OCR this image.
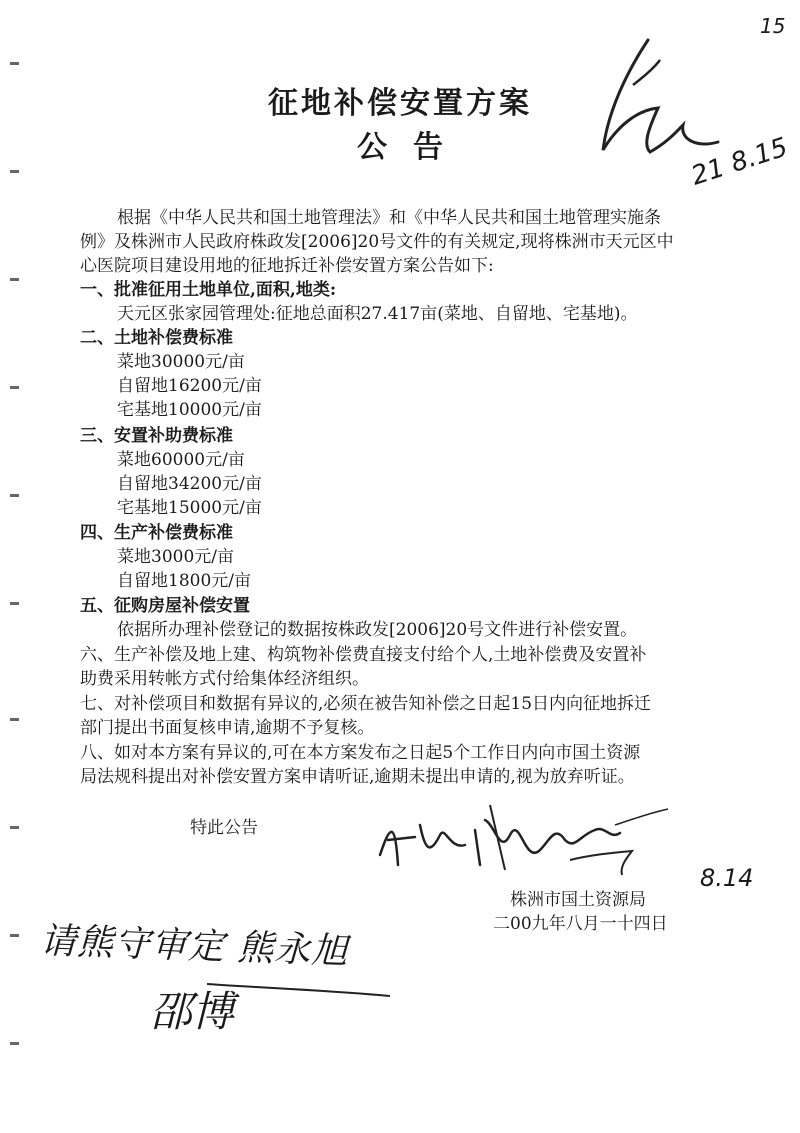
15
征地补偿安置方案
公告	21 8.15
根据《中华人民共和国土地管理法》和《中华人民共和国土地管理实施条
例》及株洲市人民政府株政发[2006]20号文件的有关规定,现将株洲市天元区中
心医院项目建设用地的征地拆迁补偿安置方案公告如下:
一、批准征用土地单位,面积,地类:
天元区张家园管理处:征地总面积27.417亩(菜地、自留地、宅基地)。
二、土地补偿费标准
菜地30000元/亩
自留地16200元/亩
宅基地10000元/亩
三、安置补助费标准
菜地60000元/亩
自留地34200元/亩
宅基地15000元/亩
四、生产补偿费标准
菜地3000元/亩
自留地1800元/亩
五、征购房屋补偿安置
依据所办理补偿登记的数据按株政发[2006]20号文件进行补偿安置。
六、生产补偿及地上建、构筑物补偿费直接支付给个人,土地补偿费及安置补
助费采用转帐方式付给集体经济组织。
七、对补偿项目和数据有异议的,必须在被告知补偿之日起15日内向征地拆迁
部门提出书面复核申请,逾期不予复核。
八、如对本方案有异议的,可在本方案发布之日起5个工作日内向市国土资源
局法规科提出对补偿安置方案申请听证,逾期未提出申请的,视为放弃听证。
特此公告
8.14
株洲市国土资源局
二00九年八月一十四日
请熊守审定 熊永旭
邵博
